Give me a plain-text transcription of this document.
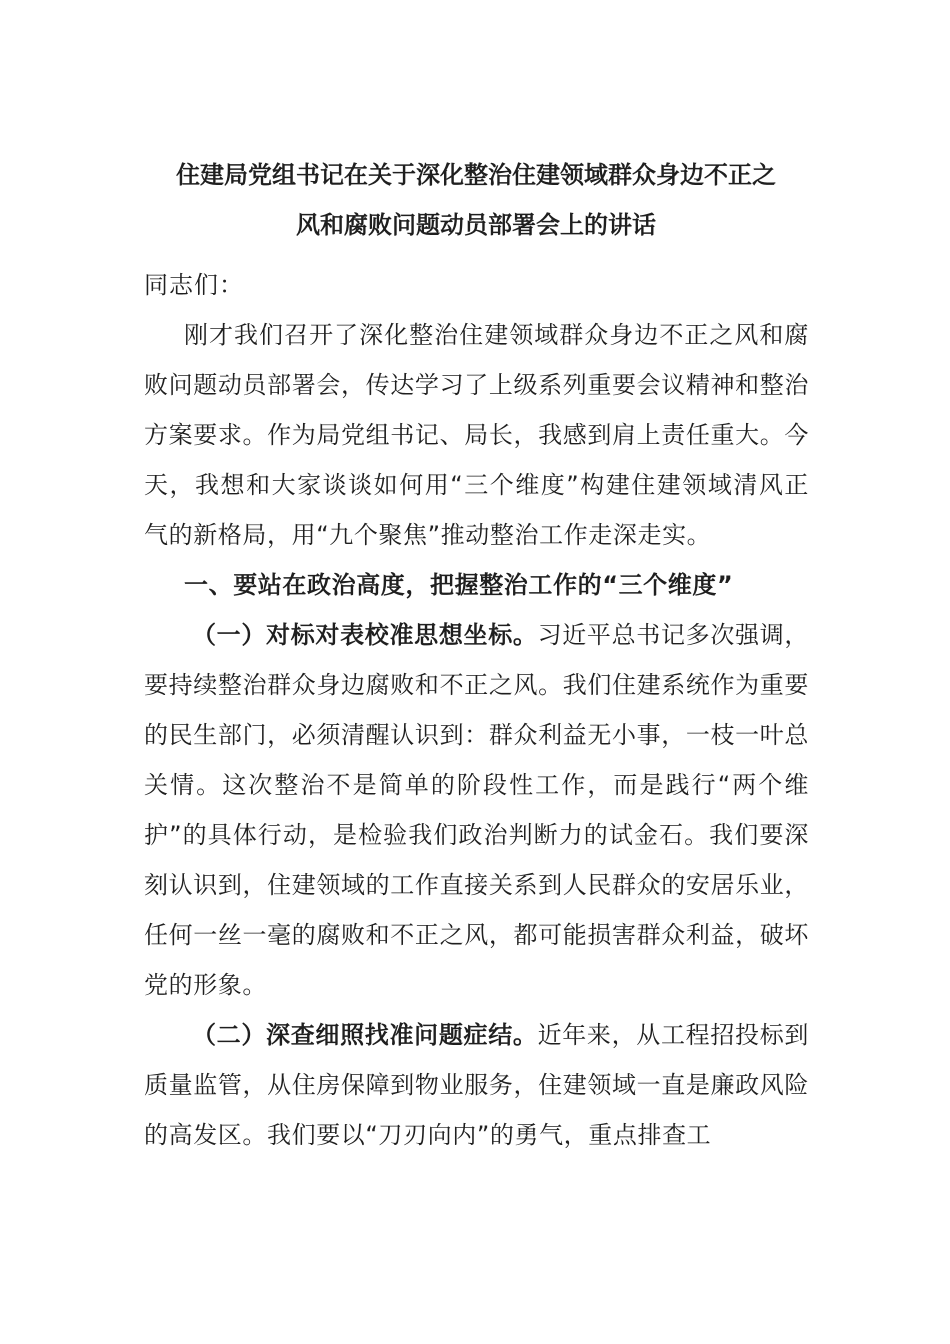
住建局党组书记在关于深化整治住建领域群众身边不正之
风和腐败问题动员部署会上的讲话

同志们：

刚才我们召开了深化整治住建领域群众身边不正之风和腐败问题动员部署会，传达学习了上级系列重要会议精神和整治方案要求。作为局党组书记、局长，我感到肩上责任重大。今天，我想和大家谈谈如何用“三个维度”构建住建领域清风正气的新格局，用“九个聚焦”推动整治工作走深走实。

一、要站在政治高度，把握整治工作的“三个维度”

（一）对标对表校准思想坐标。习近平总书记多次强调，要持续整治群众身边腐败和不正之风。我们住建系统作为重要的民生部门，必须清醒认识到：群众利益无小事，一枝一叶总关情。这次整治不是简单的阶段性工作，而是践行“两个维护”的具体行动，是检验我们政治判断力的试金石。我们要深刻认识到，住建领域的工作直接关系到人民群众的安居乐业，任何一丝一毫的腐败和不正之风，都可能损害群众利益，破坏党的形象。

（二）深查细照找准问题症结。近年来，从工程招投标到质量监管，从住房保障到物业服务，住建领域一直是廉政风险的高发区。我们要以“刀刃向内”的勇气，重点排查工
